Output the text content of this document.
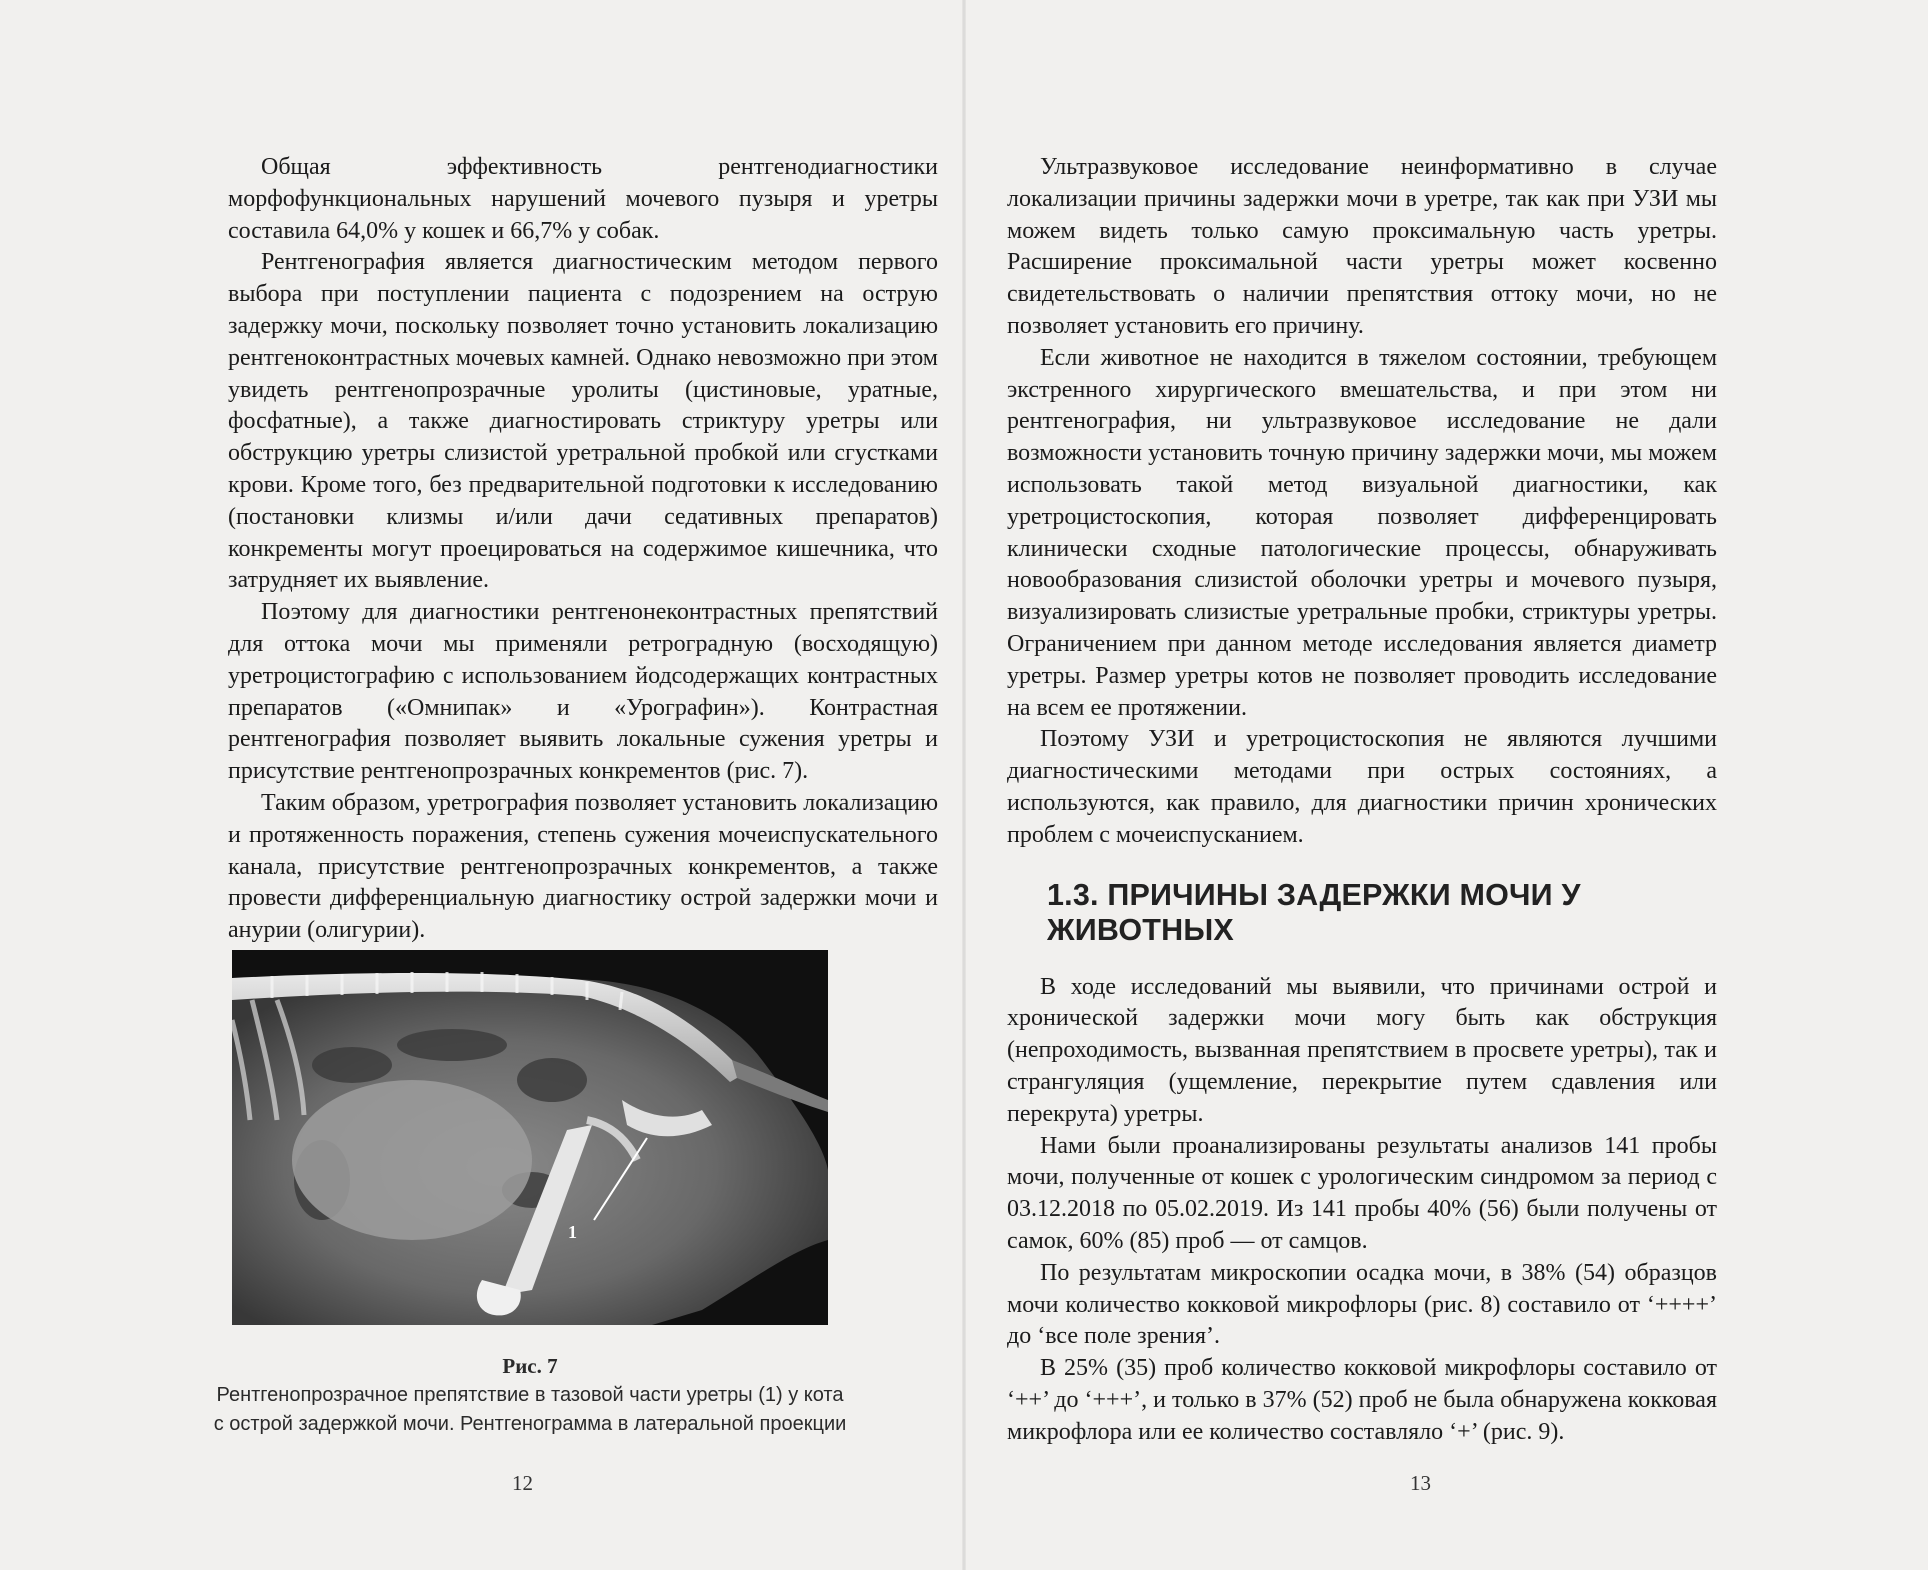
Общая эффективность рентгенодиагностики морфофункциональных нарушений мочевого пузыря и уретры составила 64,0% у кошек и 66,7% у собак.

Рентгенография является диагностическим методом первого выбора при поступлении пациента с подозрением на острую задержку мочи, поскольку позволяет точно установить локализацию рентгеноконтрастных мочевых камней. Однако невозможно при этом увидеть рентгенопрозрачные уролиты (цистиновые, уратные, фосфатные), а также диагностировать стриктуру уретры или обструкцию уретры слизистой уретральной пробкой или сгустками крови. Кроме того, без предварительной подготовки к исследованию (постановки клизмы и/или дачи седативных препаратов) конкременты могут проецироваться на содержимое кишечника, что затрудняет их выявление.

Поэтому для диагностики рентгенонеконтрастных препятствий для оттока мочи мы применяли ретроградную (восходящую) уретроцистографию с использованием йодсодержащих контрастных препаратов («Омнипак» и «Урографин»). Контрастная рентгенография позволяет выявить локальные сужения уретры и присутствие рентгенопрозрачных конкрементов (рис. 7).

Таким образом, уретрография позволяет установить локализацию и протяженность поражения, степень сужения мочеиспускательного канала, присутствие рентгенопрозрачных конкрементов, а также провести дифференциальную диагностику острой задержки мочи и анурии (олигурии).

1
Рис. 7
Рентгенопрозрачное препятствие в тазовой части уретры (1) у кота
с острой задержкой мочи. Рентгенограмма в латеральной проекции
12

Ультразвуковое исследование неинформативно в случае локализации причины задержки мочи в уретре, так как при УЗИ мы можем видеть только самую проксимальную часть уретры. Расширение проксимальной части уретры может косвенно свидетельствовать о наличии препятствия оттоку мочи, но не позволяет установить его причину.

Если животное не находится в тяжелом состоянии, требующем экстренного хирургического вмешательства, и при этом ни рентгенография, ни ультразвуковое исследование не дали возможности установить точную причину задержки мочи, мы можем использовать такой метод визуальной диагностики, как уретроцистоскопия, которая позволяет дифференцировать клинически сходные патологические процессы, обнаруживать новообразования слизистой оболочки уретры и мочевого пузыря, визуализировать слизистые уретральные пробки, стриктуры уретры. Ограничением при данном методе исследования является диаметр уретры. Размер уретры котов не позволяет проводить исследование на всем ее протяжении.

Поэтому УЗИ и уретроцистоскопия не являются лучшими диагностическими методами при острых состояниях, а используются, как правило, для диагностики причин хронических проблем с мочеиспусканием.

1.3. ПРИЧИНЫ ЗАДЕРЖКИ МОЧИ У ЖИВОТНЫХ

В ходе исследований мы выявили, что причинами острой и хронической задержки мочи могу быть как обструкция (непроходимость, вызванная препятствием в просвете уретры), так и странгуляция (ущемление, перекрытие путем сдавления или перекрута) уретры.

Нами были проанализированы результаты анализов 141 пробы мочи, полученные от кошек с урологическим синдромом за период с 03.12.2018 по 05.02.2019. Из 141 пробы 40% (56) были получены от самок, 60% (85) проб — от самцов.

По результатам микроскопии осадка мочи, в 38% (54) образцов мочи количество кокковой микрофлоры (рис. 8) составило от ‘++++’ до ‘все поле зрения’.

В 25% (35) проб количество кокковой микрофлоры составило от ‘++’ до ‘+++’, и только в 37% (52) проб не была обнаружена кокковая микрофлора или ее количество составляло ‘+’ (рис. 9).

13
